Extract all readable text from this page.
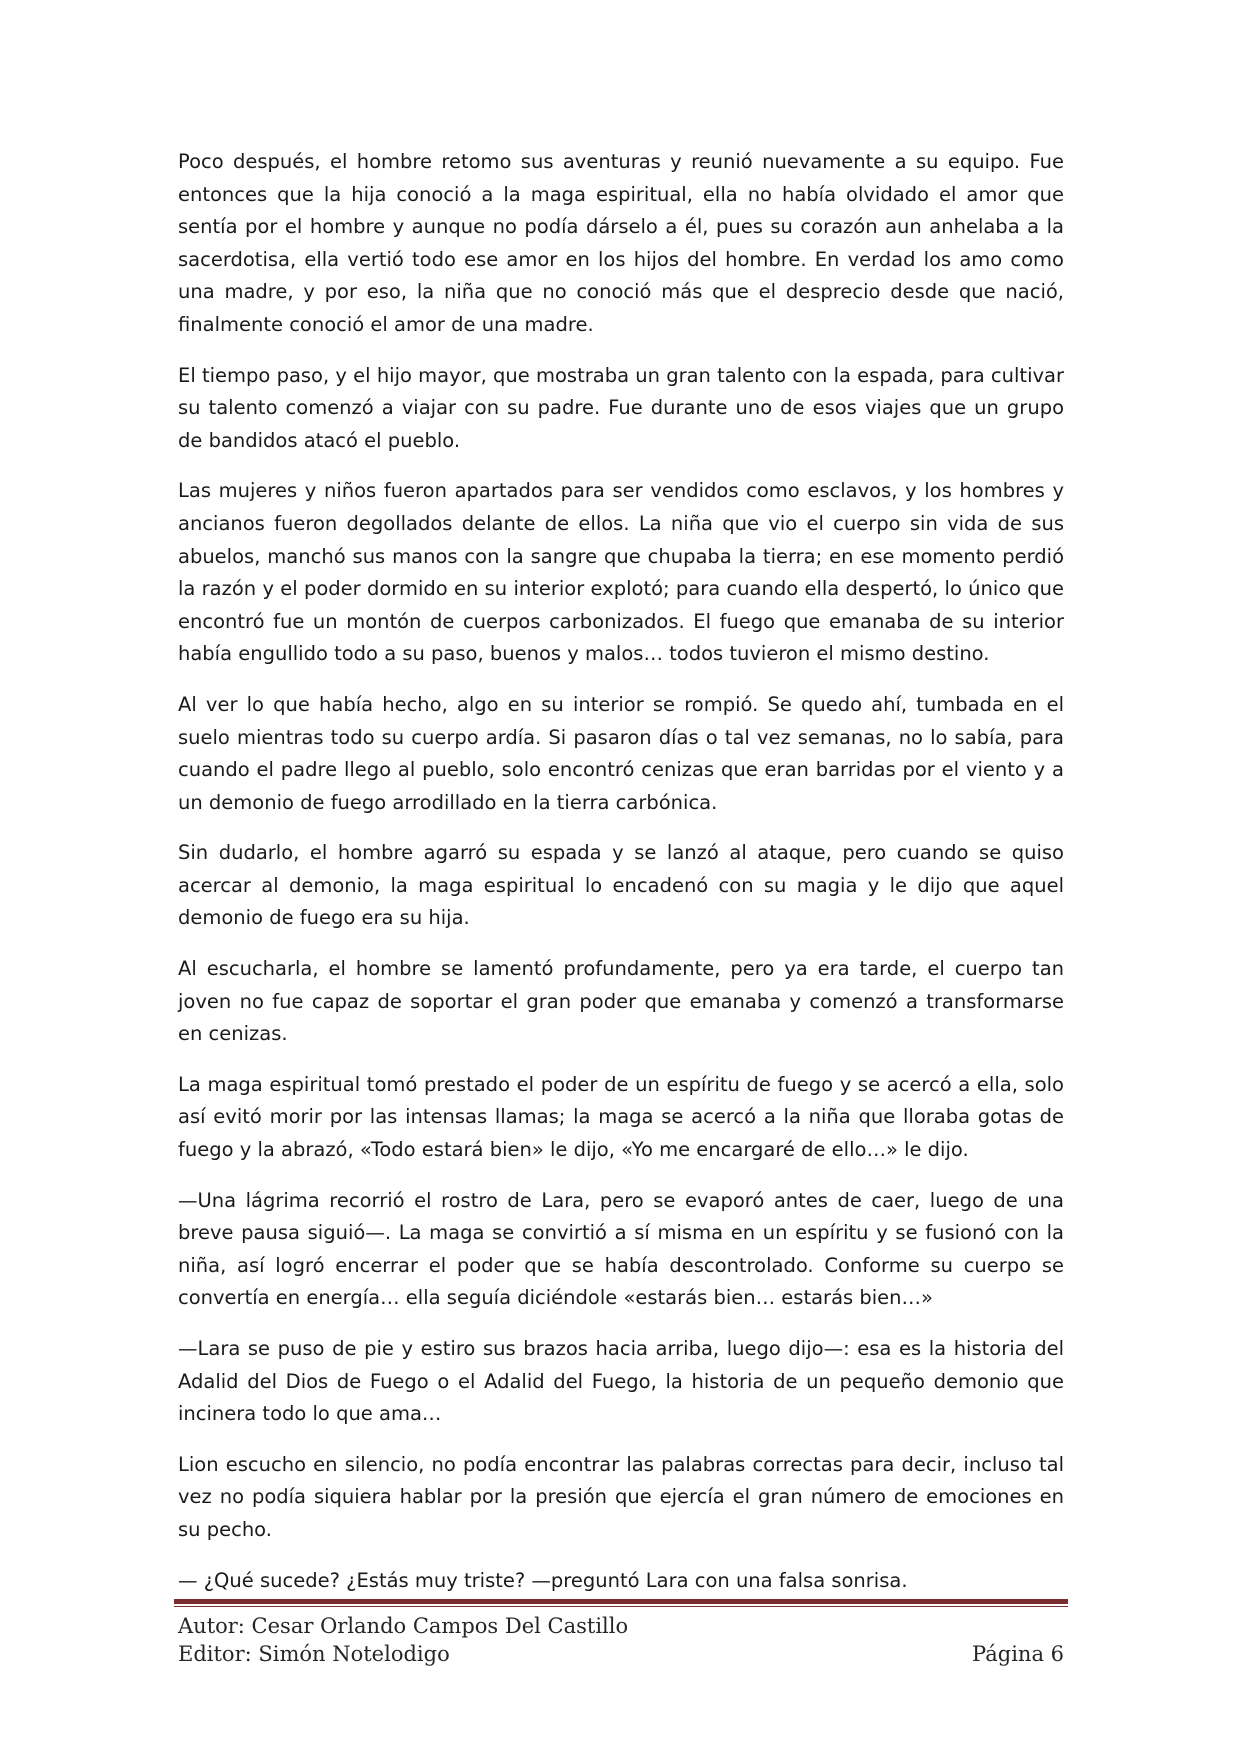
Poco después, el hombre retomo sus aventuras y reunió nuevamente a su equipo. Fue entonces que la hija conoció a la maga espiritual, ella no había olvidado el amor que sentía por el hombre y aunque no podía dárselo a él, pues su corazón aun anhelaba a la sacerdotisa, ella vertió todo ese amor en los hijos del hombre. En verdad los amo como una madre, y por eso, la niña que no conoció más que el desprecio desde que nació, finalmente conoció el amor de una madre.

El tiempo paso, y el hijo mayor, que mostraba un gran talento con la espada, para cultivar su talento comenzó a viajar con su padre. Fue durante uno de esos viajes que un grupo de bandidos atacó el pueblo.

Las mujeres y niños fueron apartados para ser vendidos como esclavos, y los hombres y ancianos fueron degollados delante de ellos. La niña que vio el cuerpo sin vida de sus abuelos, manchó sus manos con la sangre que chupaba la tierra; en ese momento perdió la razón y el poder dormido en su interior explotó; para cuando ella despertó, lo único que encontró fue un montón de cuerpos carbonizados. El fuego que emanaba de su interior había engullido todo a su paso, buenos y malos… todos tuvieron el mismo destino.

Al ver lo que había hecho, algo en su interior se rompió. Se quedo ahí, tumbada en el suelo mientras todo su cuerpo ardía. Si pasaron días o tal vez semanas, no lo sabía, para cuando el padre llego al pueblo, solo encontró cenizas que eran barridas por el viento y a un demonio de fuego arrodillado en la tierra carbónica.

Sin dudarlo, el hombre agarró su espada y se lanzó al ataque, pero cuando se quiso acercar al demonio, la maga espiritual lo encadenó con su magia y le dijo que aquel demonio de fuego era su hija.

Al escucharla, el hombre se lamentó profundamente, pero ya era tarde, el cuerpo tan joven no fue capaz de soportar el gran poder que emanaba y comenzó a transformarse en cenizas.

La maga espiritual tomó prestado el poder de un espíritu de fuego y se acercó a ella, solo así evitó morir por las intensas llamas; la maga se acercó a la niña que lloraba gotas de fuego y la abrazó, «Todo estará bien» le dijo, «Yo me encargaré de ello…» le dijo.

—Una lágrima recorrió el rostro de Lara, pero se evaporó antes de caer, luego de una breve pausa siguió—. La maga se convirtió a sí misma en un espíritu y se fusionó con la niña, así logró encerrar el poder que se había descontrolado. Conforme su cuerpo se convertía en energía… ella seguía diciéndole «estarás bien… estarás bien…»

—Lara se puso de pie y estiro sus brazos hacia arriba, luego dijo—: esa es la historia del Adalid del Dios de Fuego o el Adalid del Fuego, la historia de un pequeño demonio que incinera todo lo que ama…

Lion escucho en silencio, no podía encontrar las palabras correctas para decir, incluso tal vez no podía siquiera hablar por la presión que ejercía el gran número de emociones en su pecho.

— ¿Qué sucede? ¿Estás muy triste? —preguntó Lara con una falsa sonrisa.

Autor: Cesar Orlando Campos Del Castillo
Editor: Simón Notelodigo	Página 6
